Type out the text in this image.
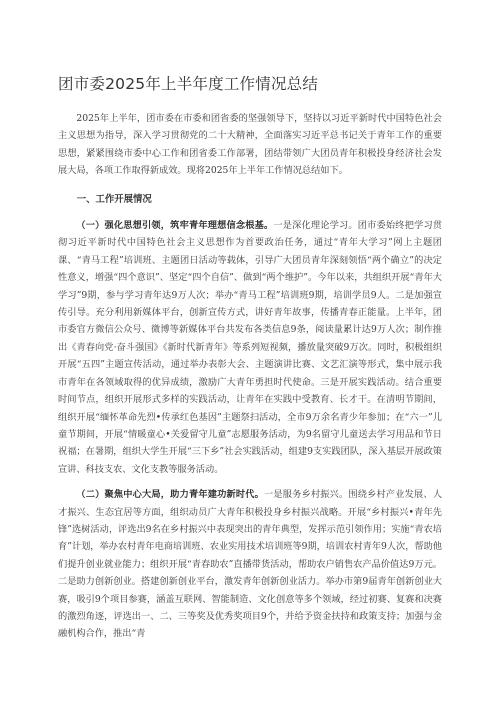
团市委2025年上半年度工作情况总结

2025年上半年，团市委在市委和团省委的坚强领导下，坚持以习近平新时代中国特色社会主义思想为指导，深入学习贯彻党的二十大精神，全面落实习近平总书记关于青年工作的重要思想，紧紧围绕市委中心工作和团省委工作部署，团结带领广大团员青年积极投身经济社会发展大局，各项工作取得新成效。现将2025年上半年工作情况总结如下。

一、工作开展情况

（一）强化思想引领，筑牢青年理想信念根基。一是深化理论学习。团市委始终把学习贯彻习近平新时代中国特色社会主义思想作为首要政治任务，通过“青年大学习”网上主题团课、“青马工程”培训班、主题团日活动等载体，引导广大团员青年深刻领悟“两个确立”的决定性意义，增强“四个意识”、坚定“四个自信”、做到“两个维护”。今年以来，共组织开展“青年大学习”9期，参与学习青年达9万人次；举办“青马工程”培训班9期，培训学员9人。二是加强宣传引导。充分利用新媒体平台，创新宣传方式，讲好青年故事，传播青春正能量。上半年，团市委官方微信公众号、微博等新媒体平台共发布各类信息9条，阅读量累计达9万人次；制作推出《青春向党·奋斗强国》《新时代新青年》等系列短视频，播放量突破9万次。同时，积极组织开展“五四”主题宣传活动，通过举办表彰大会、主题演讲比赛、文艺汇演等形式，集中展示我市青年在各领域取得的优异成绩，激励广大青年勇担时代使命。三是开展实践活动。结合重要时间节点，组织开展形式多样的实践活动，让青年在实践中受教育、长才干。在清明节期间，组织开展“缅怀革命先烈•传承红色基因”主题祭扫活动，全市9万余名青少年参加；在“六一”儿童节期间，开展“情暖童心•关爱留守儿童”志愿服务活动，为9名留守儿童送去学习用品和节日祝福；在暑期，组织大学生开展“三下乡”社会实践活动，组建9支实践团队，深入基层开展政策宣讲、科技支农、文化支教等服务活动。

（二）聚焦中心大局，助力青年建功新时代。一是服务乡村振兴。围绕乡村产业发展、人才振兴、生态宜居等方面，组织动员广大青年积极投身乡村振兴战略。开展“乡村振兴•青年先锋”选树活动，评选出9名在乡村振兴中表现突出的青年典型，发挥示范引领作用；实施“青农培育”计划，举办农村青年电商培训班、农业实用技术培训班等9期，培训农村青年9人次，帮助他们提升创业就业能力；组织开展“青春助农”直播带货活动，帮助农户销售农产品价值达9万元。二是助力创新创业。搭建创新创业平台，激发青年创新创业活力。举办市第9届青年创新创业大赛，吸引9个项目参赛，涵盖互联网、智能制造、文化创意等多个领域，经过初赛、复赛和决赛的激烈角逐，评选出一、二、三等奖及优秀奖项目9个，并给予资金扶持和政策支持；加强与金融机构合作，推出“青
